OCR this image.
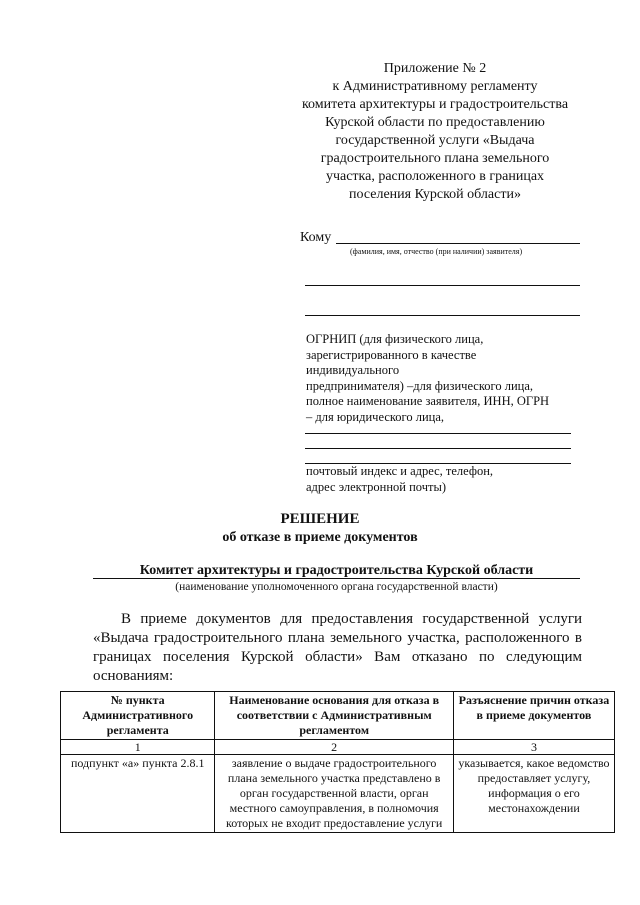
Приложение № 2
к Административному регламенту
комитета архитектуры и градостроительства
Курской области по предоставлению
государственной услуги «Выдача
градостроительного плана земельного
участка, расположенного в границах
поселения Курской области»
Кому
(фамилия, имя, отчество (при наличии) заявителя)
ОГРНИП (для физического лица,
зарегистрированного в качестве
индивидуального
предпринимателя) –для физического лица,
полное наименование заявителя, ИНН, ОГРН
– для юридического лица,
почтовый индекс и адрес, телефон,
адрес электронной почты)
РЕШЕНИЕ
об отказе в приеме документов
Комитет архитектуры и градостроительства Курской области
(наименование уполномоченного органа государственной власти)
В приеме документов для предоставления государственной услуги «Выдача градостроительного плана земельного участка, расположенного в границах поселения Курской области» Вам отказано по следующим основаниям:
№ пункта Административного регламента	Наименование основания для отказа в соответствии с Административным регламентом	Разъяснение причин отказа в приеме документов
1	2	3
подпункт «а» пункта 2.8.1	заявление о выдаче градостроительного плана земельного участка представлено в орган государственной власти, орган местного самоуправления, в полномочия которых не входит предоставление услуги	указывается, какое ведомство предоставляет услугу, информация о его местонахождении
